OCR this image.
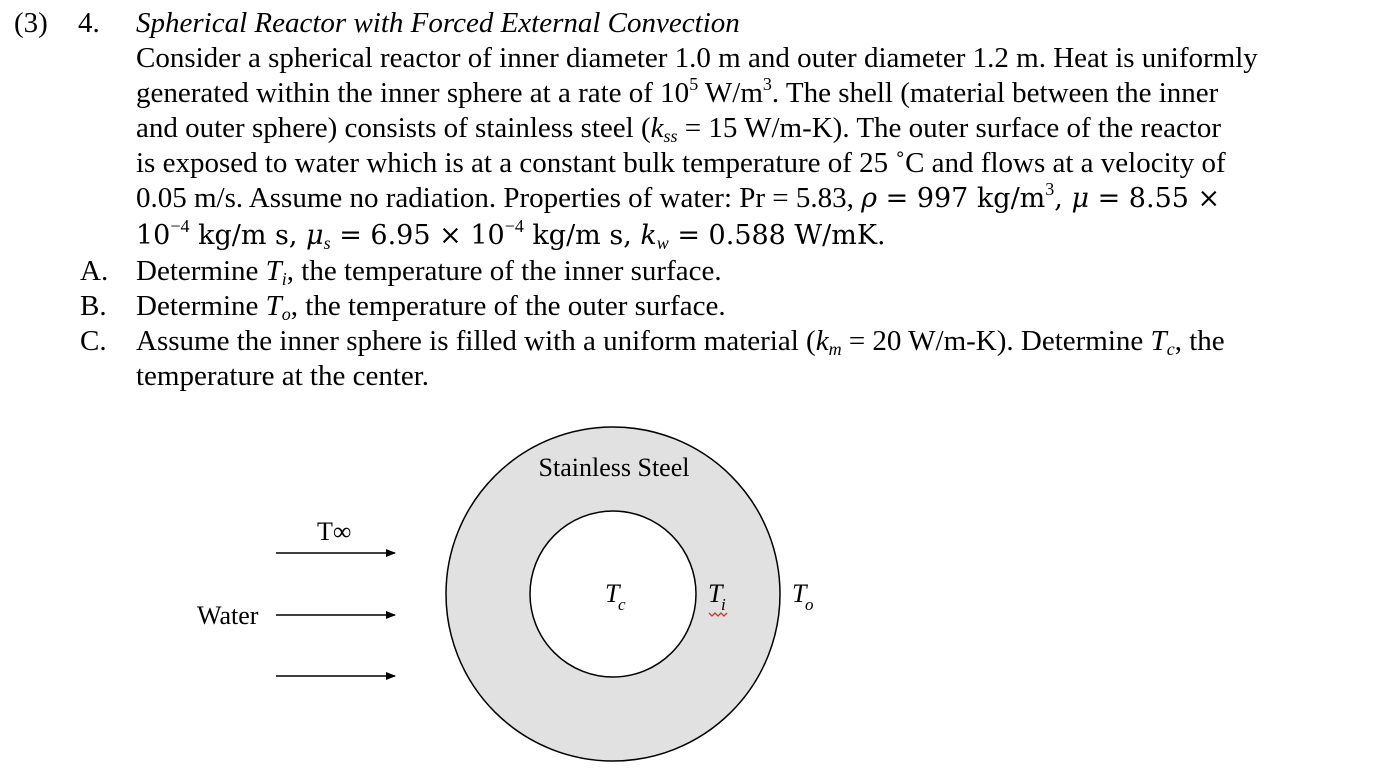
(3) 4. Spherical Reactor with Forced External Convection
Consider a spherical reactor of inner diameter 1.0 m and outer diameter 1.2 m. Heat is uniformly
generated within the inner sphere at a rate of $10^5$ $W/m^3$. The shell (material between the inner
and outer sphere) consists of stainless steel ($k_{ss} = 15$ W/m-K). The outer surface of the reactor
is exposed to water which is at a constant bulk temperature of 25 ˚C and flows at a velocity of
0.05 m/s. Assume no radiation. Properties of water: Pr = 5.83, ρ = 997 $kg/m^3$, μ = 8.55 ×
$10^{-4}$ kg/m s, $\mu_s = 6.95 \times 10^{-4}$ kg/m s, $k_w = 0.588$ W/mK.
A. Determine $T_i$, the temperature of the inner surface.
B. Determine $T_o$, the temperature of the outer surface.
C. Assume the inner sphere is filled with a uniform material ($k_m = 20$ W/m-K). Determine $T_c$, the
temperature at the center.
Stainless Steel
Water
T∞
T
c	T
i	T
o
